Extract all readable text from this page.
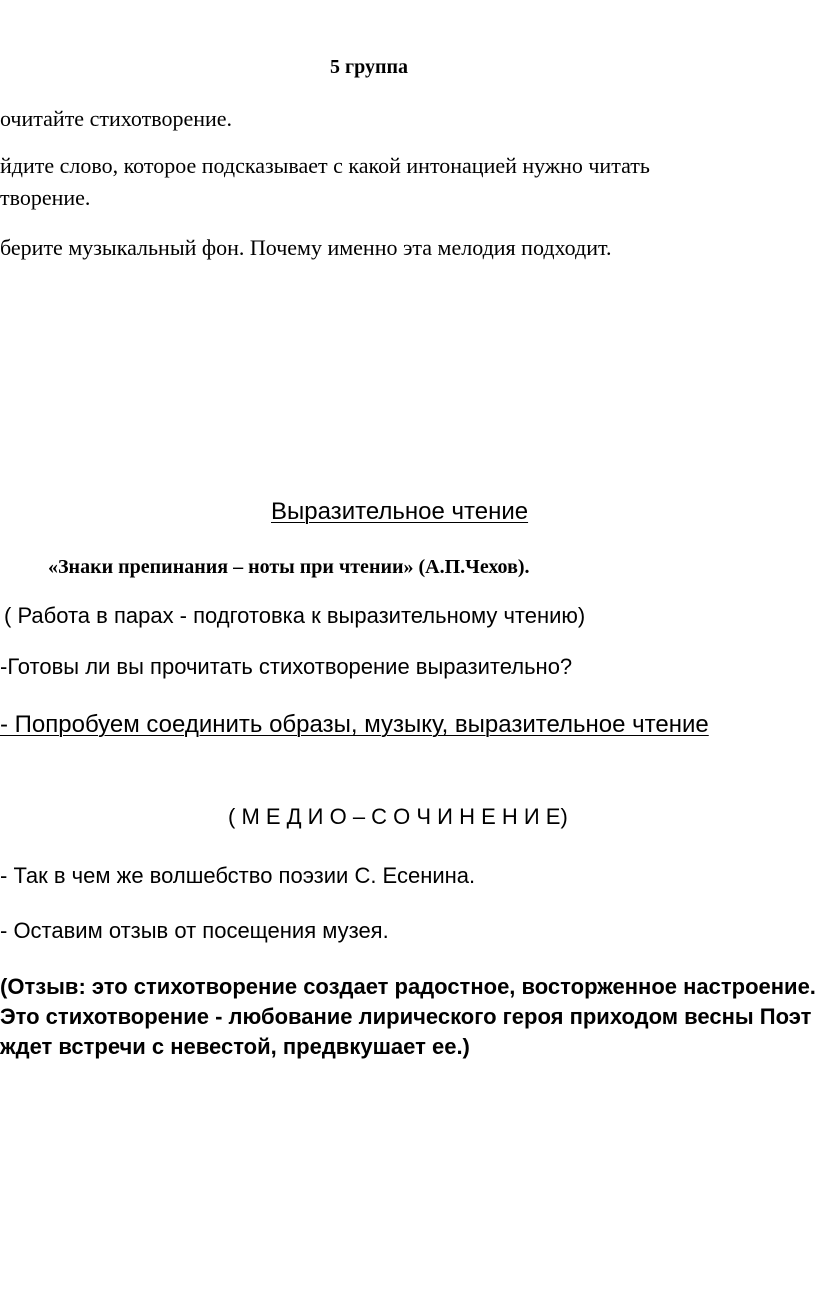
5 группа
очитайте стихотворение.
йдите слово, которое подсказывает с какой интонацией нужно читать
творение.
берите музыкальный фон. Почему именно эта мелодия подходит.
Выразительное чтение
«Знаки препинания – ноты при чтении» (А.П.Чехов).
( Работа в парах - подготовка к выразительному чтению)
-Готовы ли вы прочитать стихотворение выразительно?
- Попробуем соединить образы, музыку, выразительное чтение
( М Е Д И О – С О Ч И Н Е Н И Е)
- Так в чем же волшебство поэзии С. Есенина.
- Оставим отзыв от посещения музея.
(Отзыв: это стихотворение создает радостное, восторженное настроение.
Это стихотворение - любование лирического героя приходом весны Поэт
ждет встречи с невестой, предвкушает ее.)
